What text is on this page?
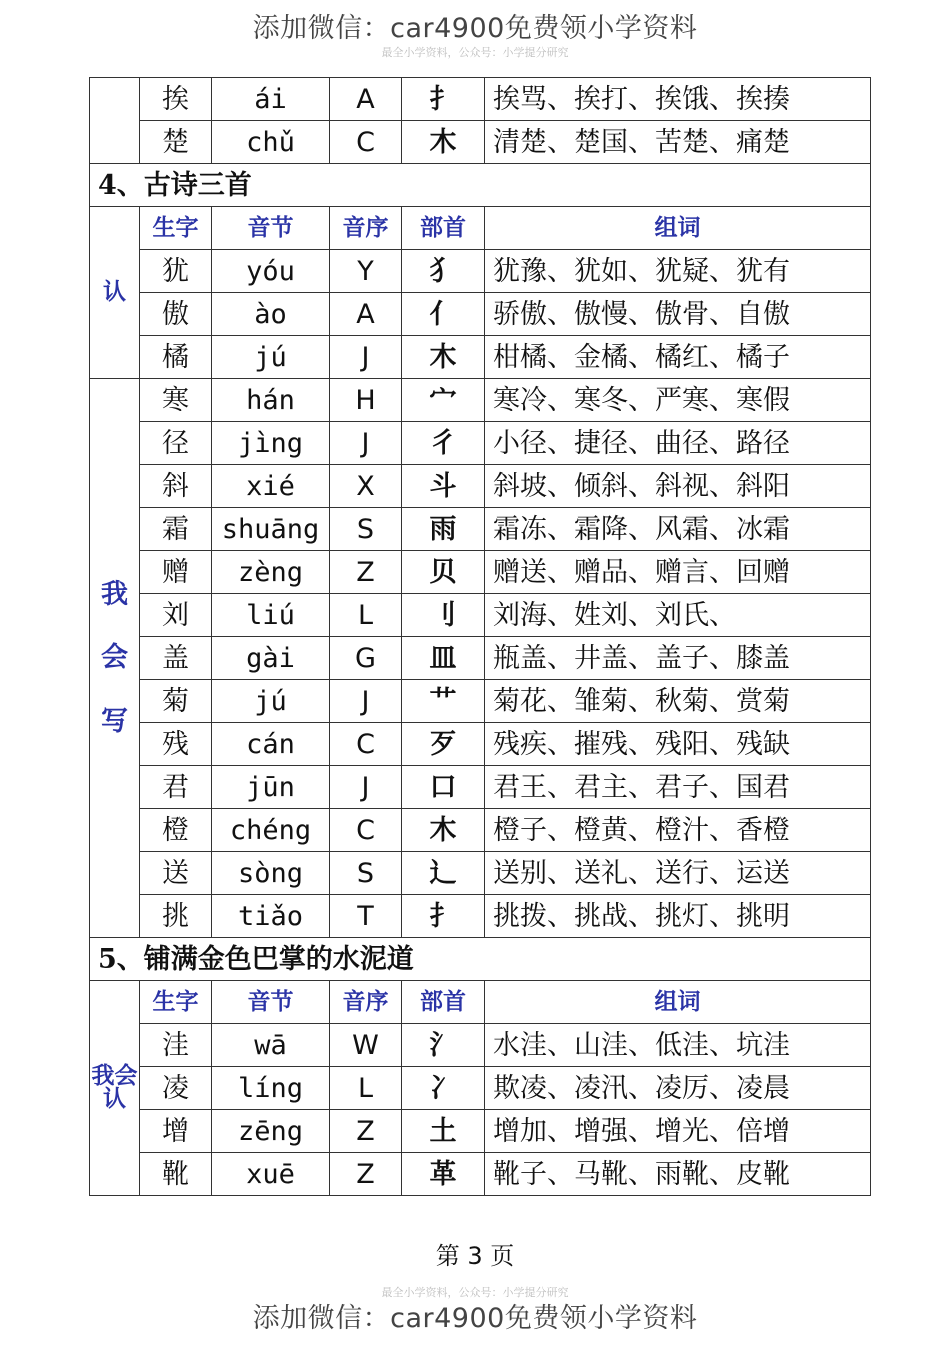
添加微信：car4900免费领小学资料
最全小学资料，公众号：小学提分研究
	挨	ái	A	扌	挨骂、挨打、挨饿、挨揍
	楚	chǔ	C	木	清楚、楚国、苦楚、痛楚
4、古诗三首					
认	生字	音节	音序	部首	组词
	犹	yóu	Y	犭	犹豫、犹如、犹疑、犹有
	傲	ào	A	亻	骄傲、傲慢、傲骨、自傲
	橘	jú	J	木	柑橘、金橘、橘红、橘子
我会写	寒	hán	H	宀	寒冷、寒冬、严寒、寒假
	径	jìng	J	彳	小径、捷径、曲径、路径
	斜	xié	X	斗	斜坡、倾斜、斜视、斜阳
	霜	shuāng	S	雨	霜冻、霜降、风霜、冰霜
	赠	zèng	Z	贝	赠送、赠品、赠言、回赠
	刘	liú	L	刂	刘海、姓刘、刘氏、
	盖	gài	G	皿	瓶盖、井盖、盖子、膝盖
	菊	jú	J	艹	菊花、雏菊、秋菊、赏菊
	残	cán	C	歹	残疾、摧残、残阳、残缺
	君	jūn	J	口	君王、君主、君子、国君
	橙	chéng	C	木	橙子、橙黄、橙汁、香橙
	送	sòng	S	辶	送别、送礼、送行、运送
	挑	tiǎo	T	扌	挑拨、挑战、挑灯、挑明
5、铺满金色巴掌的水泥道					
我会认	生字	音节	音序	部首	组词
	洼	wā	W	氵	水洼、山洼、低洼、坑洼
	凌	líng	L	冫	欺凌、凌汛、凌厉、凌晨
	增	zēng	Z	土	增加、增强、增光、倍增
	靴	xuē	Z	革	靴子、马靴、雨靴、皮靴
第 3 页
最全小学资料，公众号：小学提分研究
添加微信：car4900免费领小学资料
